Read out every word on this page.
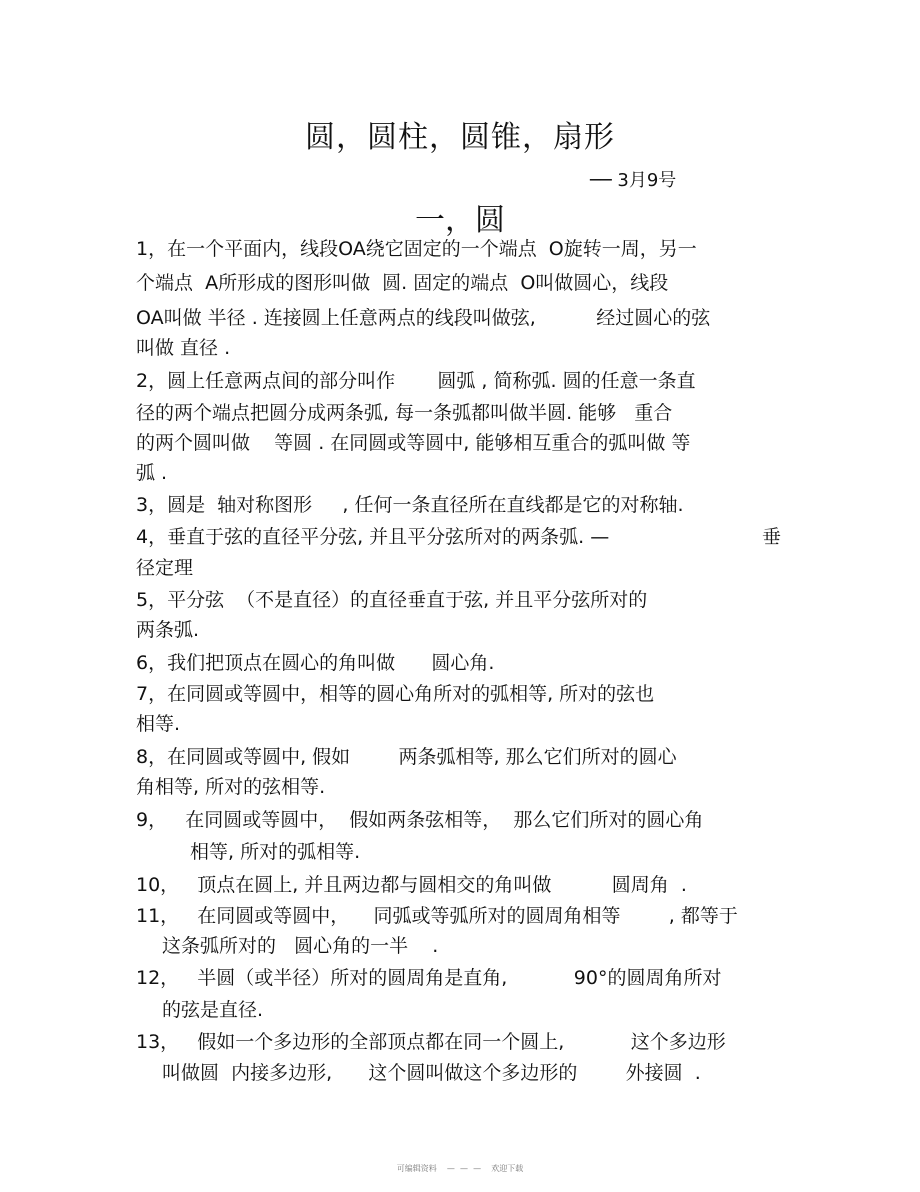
圆，圆柱，圆锥，扇形
── 3月9号
一，圆
1，在一个平面内，线段OA绕它固定的一个端点  O旋转一周，另一
个端点  A所形成的图形叫做  圆. 固定的端点  O叫做圆心，线段
OA叫做 半径 . 连接圆上任意两点的线段叫做弦,          经过圆心的弦
叫做 直径 .
2，圆上任意两点间的部分叫作       圆弧 , 简称弧. 圆的任意一条直
径的两个端点把圆分成两条弧, 每一条弧都叫做半圆. 能够   重合
的两个圆叫做    等圆 . 在同圆或等圆中, 能够相互重合的弧叫做 等
弧 .
3，圆是  轴对称图形     , 任何一条直径所在直线都是它的对称轴.
4，垂直于弦的直径平分弦, 并且平分弦所对的两条弧. —	垂
径定理
5，平分弦  （不是直径）的直径垂直于弦, 并且平分弦所对的
两条弧.
6，我们把顶点在圆心的角叫做      圆心角.
7，在同圆或等圆中，相等的圆心角所对的弧相等, 所对的弦也
相等.
8，在同圆或等圆中, 假如        两条弧相等, 那么它们所对的圆心
角相等, 所对的弦相等.
9，   在同圆或等圆中，  假如两条弦相等，  那么它们所对的圆心角
相等, 所对的弧相等.
10，   顶点在圆上, 并且两边都与圆相交的角叫做          圆周角  .
11，   在同圆或等圆中，    同弧或等弧所对的圆周角相等        , 都等于
这条弧所对的   圆心角的一半    .
12，   半圆（或半径）所对的圆周角是直角,           90°的圆周角所对
的弦是直径.
13，   假如一个多边形的全部顶点都在同一个圆上,           这个多边形
叫做圆  内接多边形,      这个圆叫做这个多边形的        外接圆  .
可编辑资料    —  —  —    欢迎下载
